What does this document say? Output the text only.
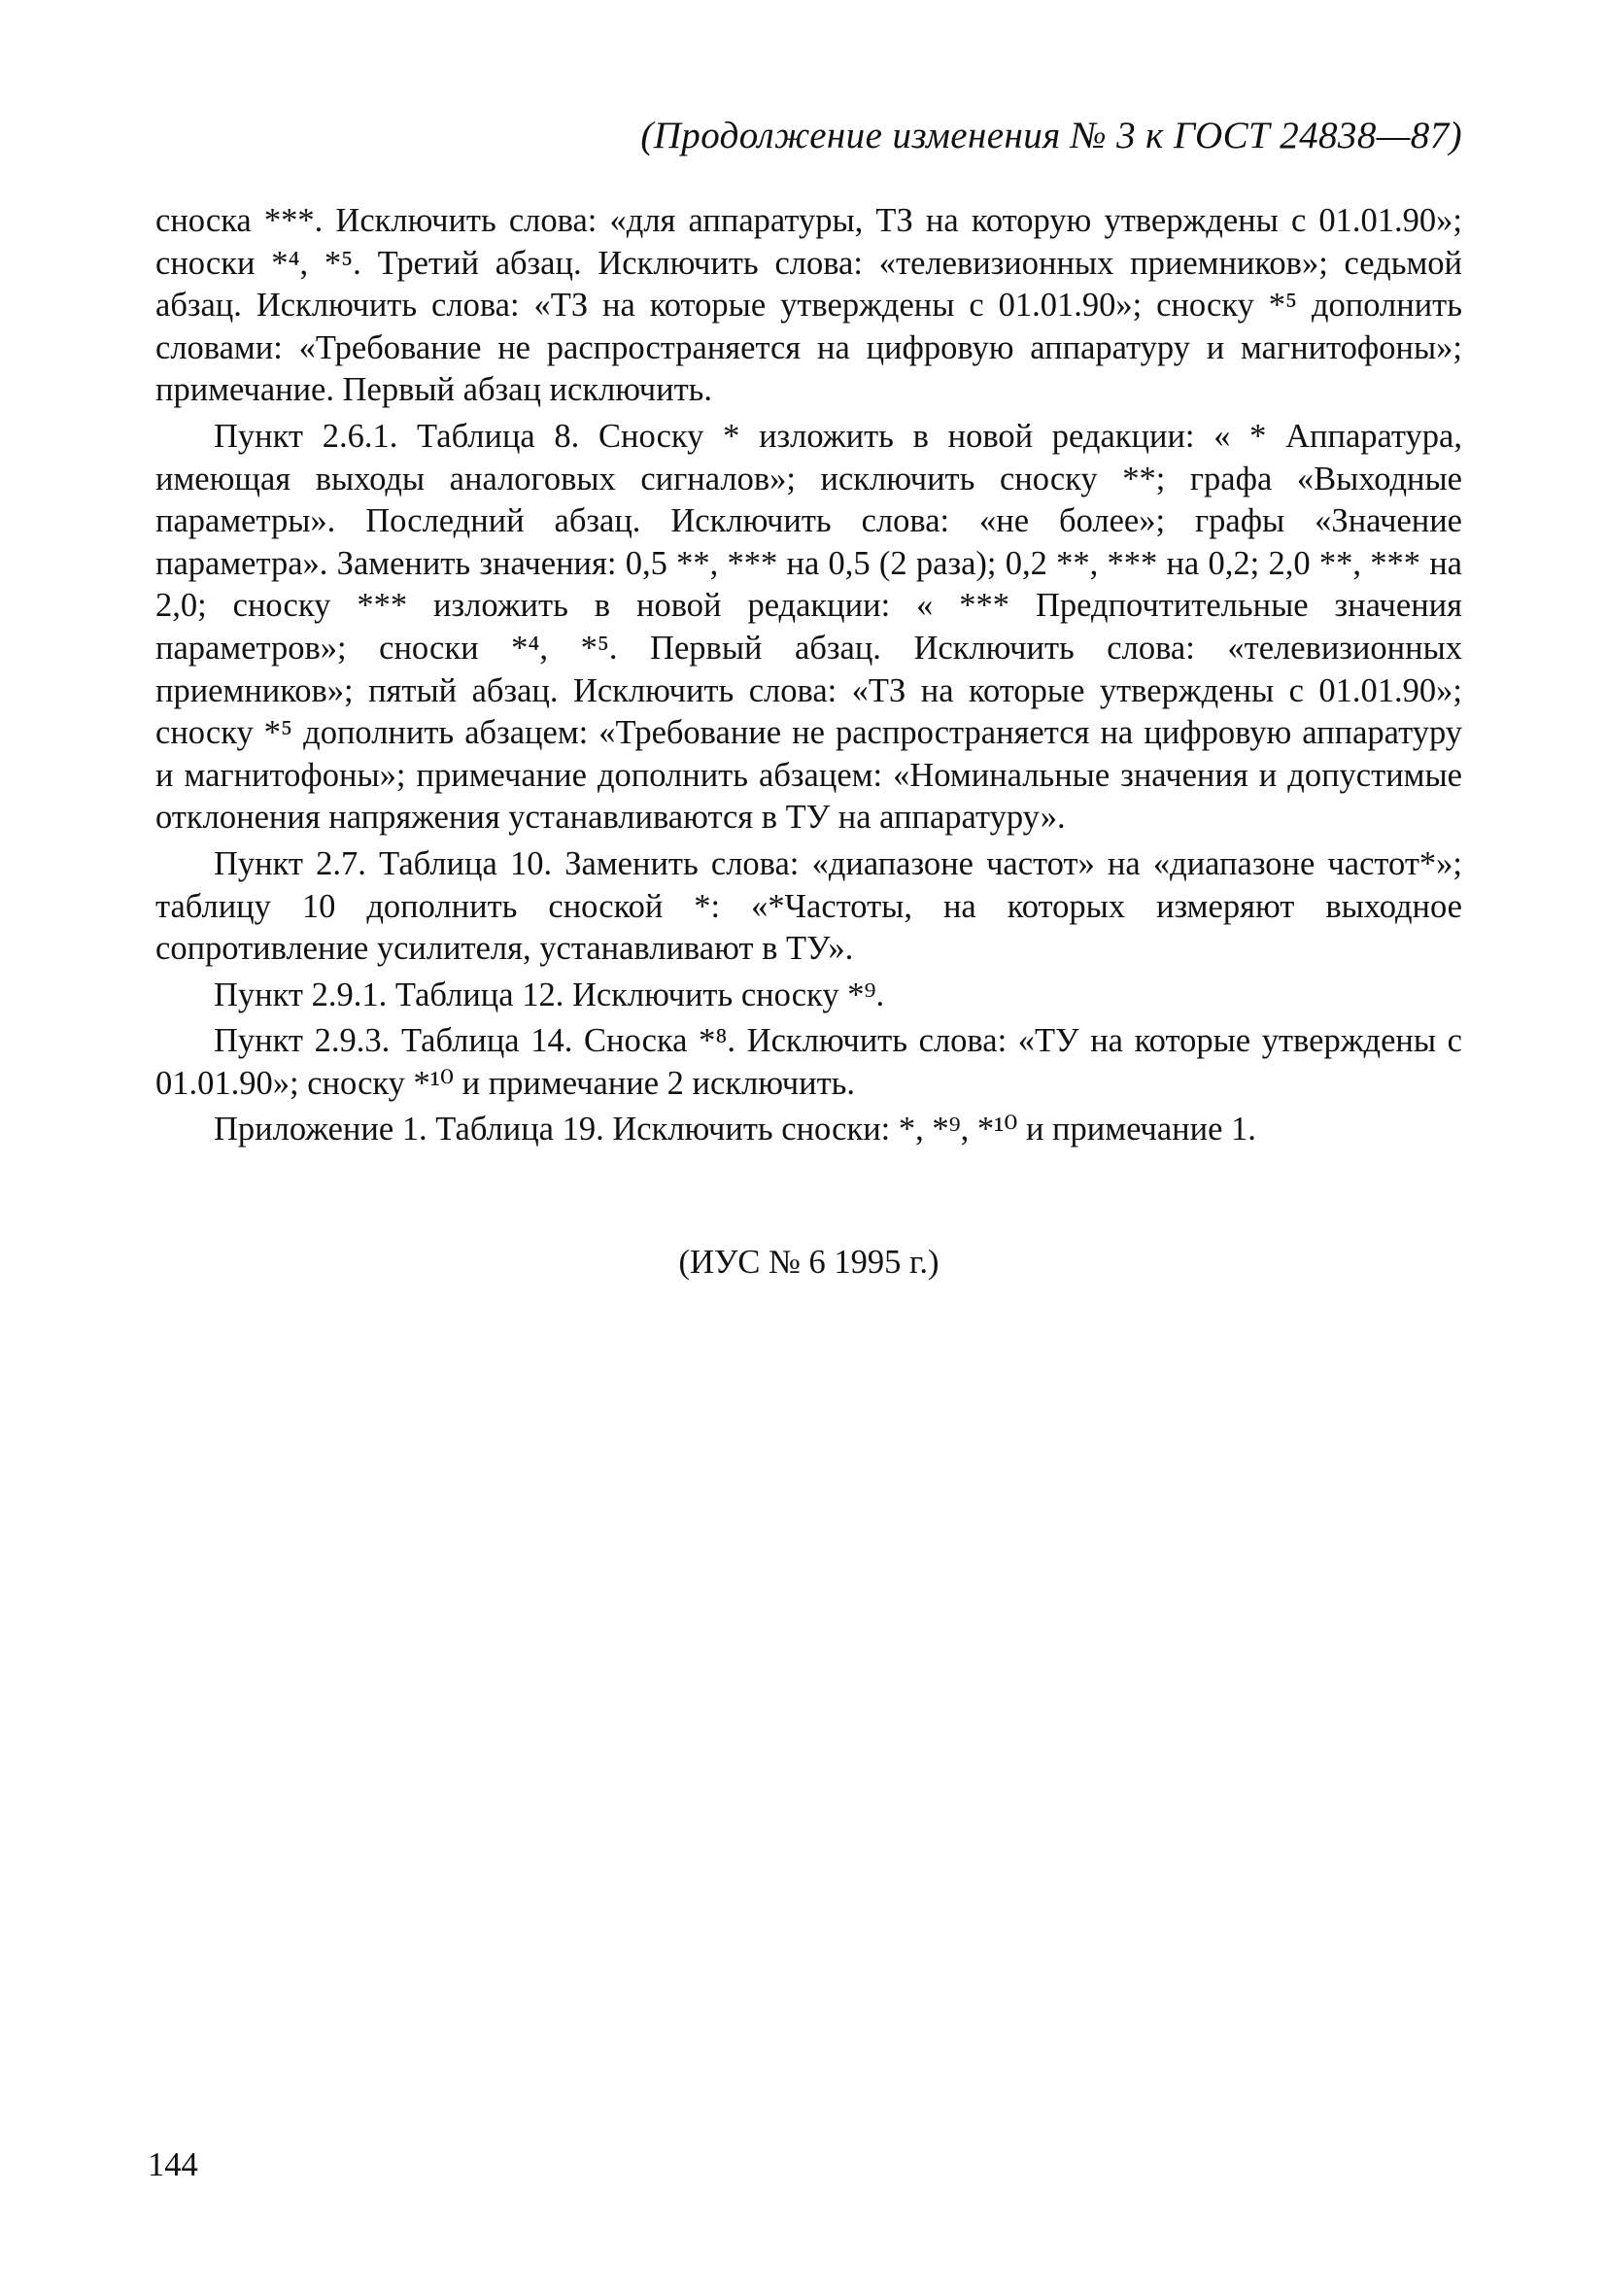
(Продолжение изменения № 3 к ГОСТ 24838—87)

сноска ***. Исключить слова: «для аппаратуры, ТЗ на которую утверждены с 01.01.90»; сноски *⁴, *⁵. Третий абзац. Исключить слова: «телевизионных приемников»; седьмой абзац. Исключить слова: «ТЗ на которые утверждены с 01.01.90»; сноску *⁵ дополнить словами: «Требование не распространяется на цифровую аппаратуру и магнитофоны»; примечание. Первый абзац исключить.

Пункт 2.6.1. Таблица 8. Сноску * изложить в новой редакции: « * Аппаратура, имеющая выходы аналоговых сигналов»; исключить сноску **; графа «Выходные параметры». Последний абзац. Исключить слова: «не более»; графы «Значение параметра». Заменить значения: 0,5 **, *** на 0,5 (2 раза); 0,2 **, *** на 0,2; 2,0 **, *** на 2,0; сноску *** изложить в новой редакции: « *** Предпочтительные значения параметров»; сноски *⁴, *⁵. Первый абзац. Исключить слова: «телевизионных приемников»; пятый абзац. Исключить слова: «ТЗ на которые утверждены с 01.01.90»; сноску *⁵ дополнить абзацем: «Требование не распространяется на цифровую аппаратуру и магнитофоны»; примечание дополнить абзацем: «Номинальные значения и допустимые отклонения напряжения устанавливаются в ТУ на аппаратуру».

Пункт 2.7. Таблица 10. Заменить слова: «диапазоне частот» на «диапазоне частот*»; таблицу 10 дополнить сноской *: «*Частоты, на которых измеряют выходное сопротивление усилителя, устанавливают в ТУ».

Пункт 2.9.1. Таблица 12. Исключить сноску *⁹.

Пункт 2.9.3. Таблица 14. Сноска *⁸. Исключить слова: «ТУ на которые утверждены с 01.01.90»; сноску *¹⁰ и примечание 2 исключить.

Приложение 1. Таблица 19. Исключить сноски: *, *⁹, *¹⁰ и примечание 1.

(ИУС № 6 1995 г.)
144
